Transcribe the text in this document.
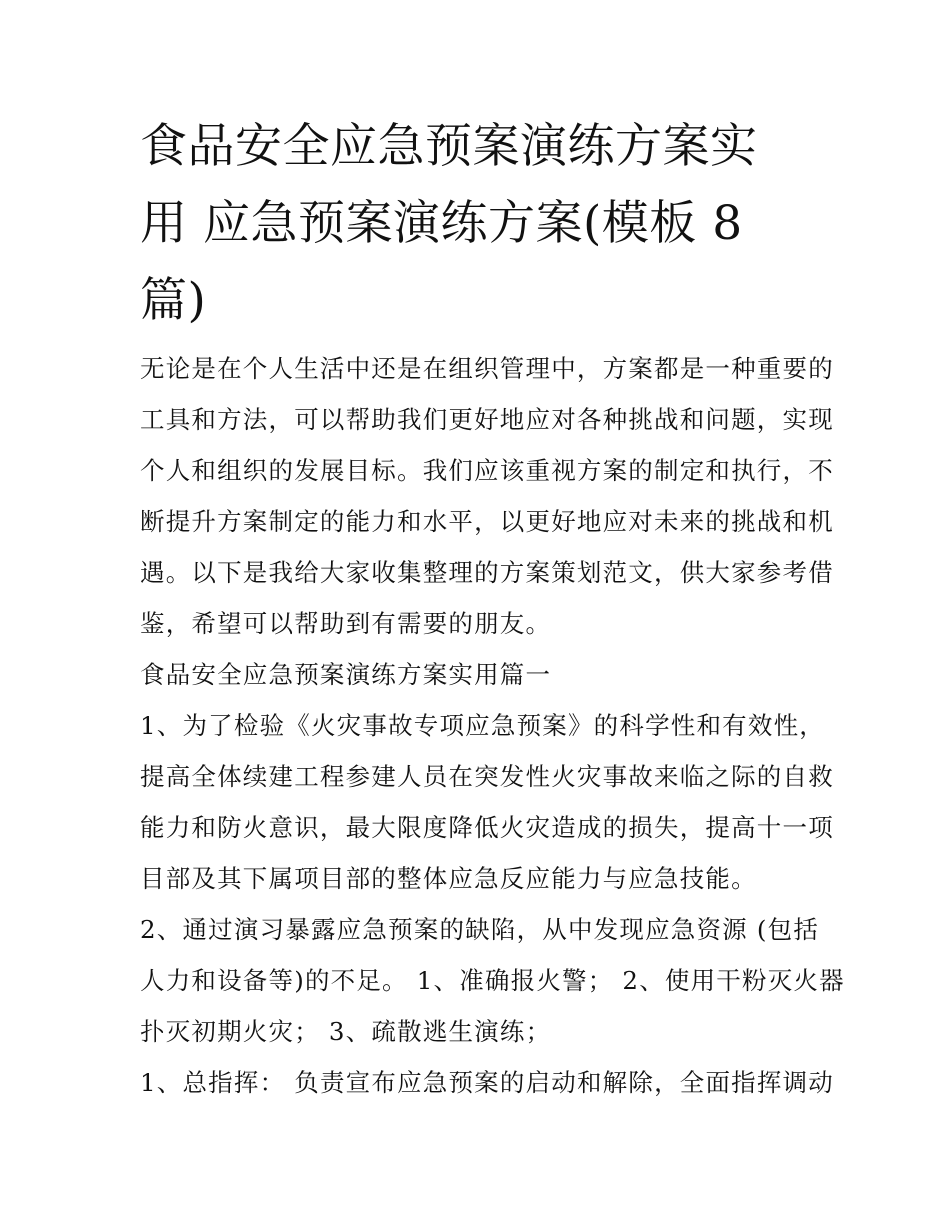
食品安全应急预案演练方案实
用 应急预案演练方案(模板 8
篇)

无论是在个人生活中还是在组织管理中，方案都是一种重要的
工具和方法，可以帮助我们更好地应对各种挑战和问题，实现
个人和组织的发展目标。我们应该重视方案的制定和执行，不
断提升方案制定的能力和水平，以更好地应对未来的挑战和机
遇。以下是我给大家收集整理的方案策划范文，供大家参考借
鉴，希望可以帮助到有需要的朋友。

食品安全应急预案演练方案实用篇一

1、为了检验《火灾事故专项应急预案》的科学性和有效性，
提高全体续建工程参建人员在突发性火灾事故来临之际的自救
能力和防火意识，最大限度降低火灾造成的损失，提高十一项
目部及其下属项目部的整体应急反应能力与应急技能。

2、通过演习暴露应急预案的缺陷，从中发现应急资源 (包括
人力和设备等)的不足。 1、准确报火警； 2、使用干粉灭火器
扑灭初期火灾； 3、疏散逃生演练；

1、总指挥： 负责宣布应急预案的启动和解除，全面指挥调动
